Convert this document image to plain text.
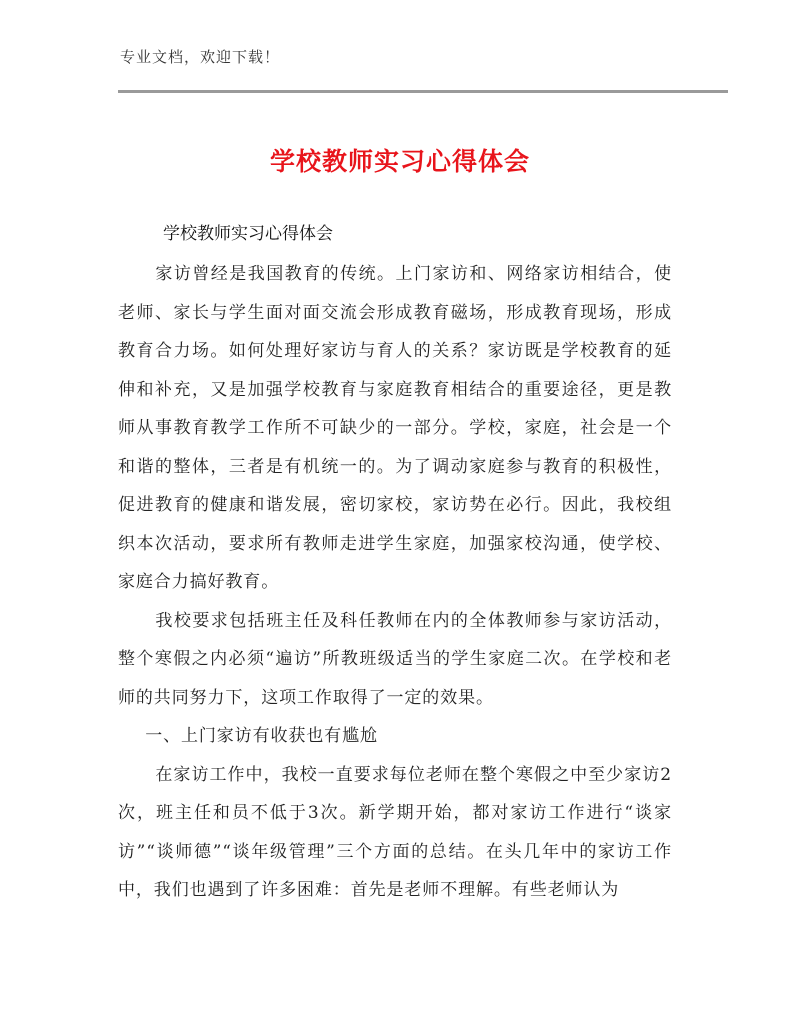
专业文档，欢迎下载！
学校教师实习心得体会
学校教师实习心得体会

家访曾经是我国教育的传统。上门家访和、网络家访相结合，使老师、家长与学生面对面交流会形成教育磁场，形成教育现场，形成教育合力场。如何处理好家访与育人的关系？家访既是学校教育的延伸和补充，又是加强学校教育与家庭教育相结合的重要途径，更是教师从事教育教学工作所不可缺少的一部分。学校，家庭，社会是一个和谐的整体，三者是有机统一的。为了调动家庭参与教育的积极性，促进教育的健康和谐发展，密切家校，家访势在必行。因此，我校组织本次活动，要求所有教师走进学生家庭，加强家校沟通，使学校、家庭合力搞好教育。

我校要求包括班主任及科任教师在内的全体教师参与家访活动，整个寒假之内必须“遍访”所教班级适当的学生家庭二次。在学校和老师的共同努力下，这项工作取得了一定的效果。

一、上门家访有收获也有尴尬

在家访工作中，我校一直要求每位老师在整个寒假之中至少家访2次，班主任和员不低于3次。新学期开始，都对家访工作进行“谈家访”“谈师德”“谈年级管理”三个方面的总结。在头几年中的家访工作中，我们也遇到了许多困难：首先是老师不理解。有些老师认为
